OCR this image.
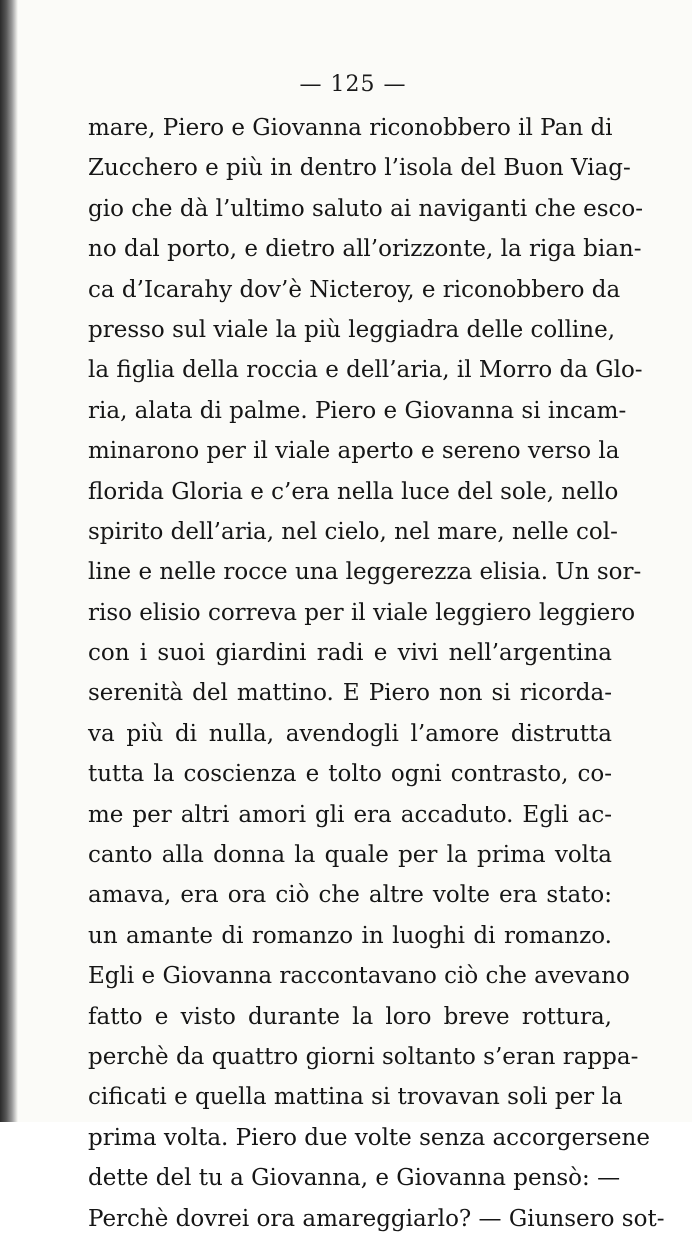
— 125 —
mare, Piero e Giovanna riconobbero il Pan di
Zucchero e più in dentro l’isola del Buon Viag-
gio che dà l’ultimo saluto ai naviganti che esco-
no dal porto, e dietro all’orizzonte, la riga bian-
ca d’Icarahy dov’è Nicteroy, e riconobbero da
presso sul viale la più leggiadra delle colline,
la figlia della roccia e dell’aria, il Morro da Glo-
ria, alata di palme. Piero e Giovanna si incam-
minarono per il viale aperto e sereno verso la
florida Gloria e c’era nella luce del sole, nello
spirito dell’aria, nel cielo, nel mare, nelle col-
line e nelle rocce una leggerezza elisia. Un sor-
riso elisio correva per il viale leggiero leggiero
con i suoi giardini radi e vivi nell’argentina
serenità del mattino. E Piero non si ricorda-
va più di nulla, avendogli l’amore distrutta
tutta la coscienza e tolto ogni contrasto, co-
me per altri amori gli era accaduto. Egli ac-
canto alla donna la quale per la prima volta
amava, era ora ciò che altre volte era stato:
un amante di romanzo in luoghi di romanzo.
Egli e Giovanna raccontavano ciò che avevano
fatto e visto durante la loro breve rottura,
perchè da quattro giorni soltanto s’eran rappa-
cificati e quella mattina si trovavan soli per la
prima volta. Piero due volte senza accorgersene
dette del tu a Giovanna, e Giovanna pensò: —
Perchè dovrei ora amareggiarlo? — Giunsero sot-
